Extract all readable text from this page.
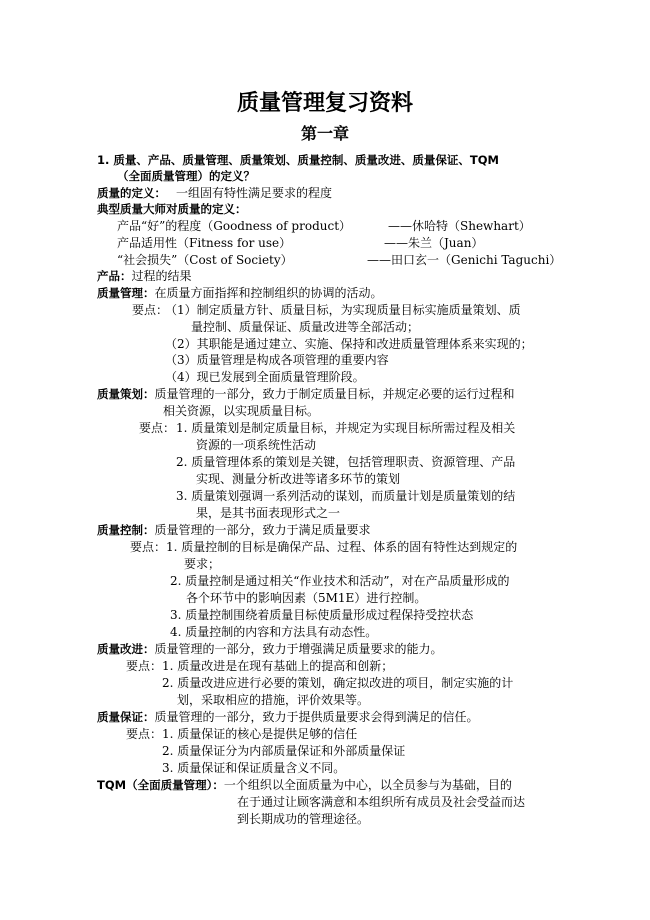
质量管理复习资料
第一章
1. 质量、产品、质量管理、质量策划、质量控制、质量改进、质量保证、TQM
（全面质量管理）的定义？
质量的定义： 一组固有特性满足要求的程度
典型质量大师对质量的定义：
产品“好”的程度（Goodness of product）	——休哈特（Shewhart）
产品适用性（Fitness for use）	——朱兰（Juan）
“社会损失”（Cost of Society）	——田口玄一（Genichi Taguchi）
产品：过程的结果
质量管理：在质量方面指挥和控制组织的协调的活动。
要点：
（1）制定质量方针、质量目标，为实现质量目标实施质量策划、质
量控制、质量保证、质量改进等全部活动；
（2）其职能是通过建立、实施、保持和改进质量管理体系来实现的；
（3）质量管理是构成各项管理的重要内容
（4）现已发展到全面质量管理阶段。
质量策划：质量管理的一部分，致力于制定质量目标，并规定必要的运行过程和
相关资源，以实现质量目标。
要点： 1. 质量策划是制定质量目标，并规定为实现目标所需过程及相关
资源的一项系统性活动
2. 质量管理体系的策划是关键，包括管理职责、资源管理、产品
实现、测量分析改进等诸多环节的策划
3. 质量策划强调一系列活动的谋划，而质量计划是质量策划的结
果，是其书面表现形式之一
质量控制：质量管理的一部分，致力于满足质量要求
要点： 1. 质量控制的目标是确保产品、过程、体系的固有特性达到规定的
要求；
2. 质量控制是通过相关“作业技术和活动”，对在产品质量形成的
各个环节中的影响因素（5M1E）进行控制。
3. 质量控制围绕着质量目标使质量形成过程保持受控状态
4. 质量控制的内容和方法具有动态性。
质量改进：质量管理的一部分，致力于增强满足质量要求的能力。
要点： 1. 质量改进是在现有基础上的提高和创新；
2. 质量改进应进行必要的策划，确定拟改进的项目，制定实施的计
划，采取相应的措施，评价效果等。
质量保证：质量管理的一部分，致力于提供质量要求会得到满足的信任。
要点： 1. 质量保证的核心是提供足够的信任
2. 质量保证分为内部质量保证和外部质量保证
3. 质量保证和保证质量含义不同。
TQM（全面质量管理）：一个组织以全面质量为中心，以全员参与为基础，目的
在于通过让顾客满意和本组织所有成员及社会受益而达
到长期成功的管理途径。
